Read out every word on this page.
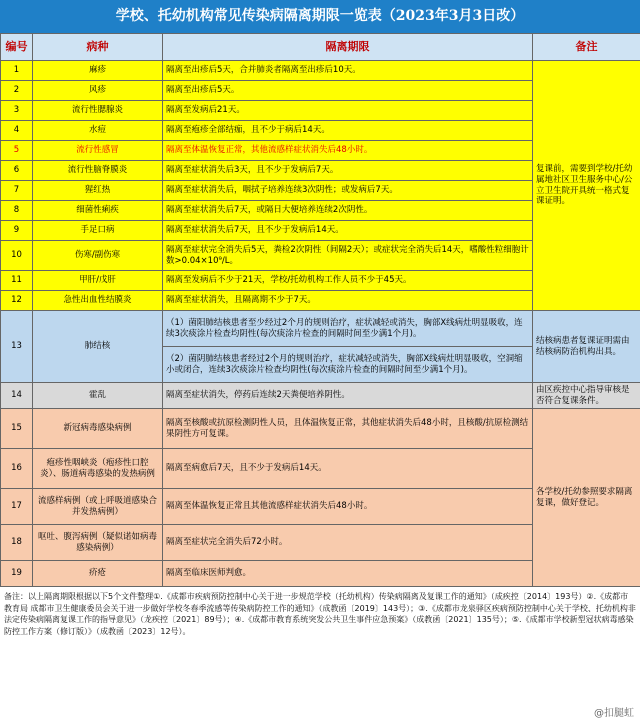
学校、托幼机构常见传染病隔离期限一览表（2023年3月3日改）
编号	病种	隔离期限	备注
1	麻疹	隔离至出疹后5天，合并肺炎者隔离至出疹后10天。	复课前，需要到学校/托幼属地社区卫生服务中心/公立卫生院开具统一格式复课证明。
2	风疹	隔离至出疹后5天。	
3	流行性腮腺炎	隔离至发病后21天。	
4	水痘	隔离至疱疹全部结痂，且不少于病后14天。	
5	流行性感冒	隔离至体温恢复正常，其他流感样症状消失后48小时。	
6	流行性脑脊膜炎	隔离至症状消失后3天，且不少于发病后7天。	
7	猩红热	隔离至症状消失后，咽拭子培养连续3次阴性；或发病后7天。	
8	细菌性痢疾	隔离至症状消失后7天，或隔日大便培养连续2次阴性。	
9	手足口病	隔离至症状消失后7天，且不少于发病后14天。	
10	伤寒/副伤寒	隔离至症状完全消失后5天，粪检2次阴性（间隔2天）；或症状完全消失后14天，嗜酸性粒细胞计数>0.04×10⁹/L。	
11	甲肝/戊肝	隔离至发病后不少于21天，学校/托幼机构工作人员不少于45天。	
12	急性出血性结膜炎	隔离至症状消失，且隔离期不少于7天。	
13	肺结核	（1）菌阳肺结核患者至少经过2个月的规则治疗，症状减轻或消失，胸部X线病灶明显吸收，连续3次痰涂片检查均阴性(每次痰涂片检查的间隔时间至少满1个月)。	结核病患者复课证明需由结核病防治机构出具。
		（2）菌阴肺结核患者经过2个月的规则治疗，症状减轻或消失，胸部X线病灶明显吸收，空洞缩小或闭合，连续3次痰涂片检查均阴性(每次痰涂片检查的间隔时间至少满1个月)。	
14	霍乱	隔离至症状消失，停药后连续2天粪便培养阴性。	由区疾控中心指导审核是否符合复课条件。
15	新冠病毒感染病例	隔离至核酸或抗原检测阴性人员，且体温恢复正常，其他症状消失后48小时，且核酸/抗原检测结果阴性方可复课。	各学校/托幼参照要求隔离复课，做好登记。
16	疱疹性咽峡炎（疱疹性口腔炎）、肠道病毒感染的发热病例	隔离至病愈后7天，且不少于发病后14天。	
17	流感样病例（或上呼吸道感染合并发热病例）	隔离至体温恢复正常且其他流感样症状消失后48小时。	
18	呕吐、腹泻病例（疑似诺如病毒感染病例）	隔离至症状完全消失后72小时。	
19	疥疮	隔离至临床医师判愈。	
备注：以上隔离期限根据以下5个文件整理①.《成都市疾病预防控制中心关于进一步规范学校（托幼机构）传染病隔离及复课工作的通知》（成疾控〔2014〕193号）②.《成都市教育局 成都市卫生健康委员会关于进一步做好学校冬春季流感等传染病防控工作的通知》（成教函〔2019〕143号）；③.《成都市龙泉驿区疾病预防控制中心关于学校、托幼机构非法定传染病隔离复课工作的指导意见》（龙疾控〔2021〕89号）；④.《成都市教育系统突发公共卫生事件应急预案》（成教函〔2021〕135号）；⑤.《成都市学校新型冠状病毒感染防控工作方案（修订版）》（成教函〔2023〕12号）。
@扣腿虹
